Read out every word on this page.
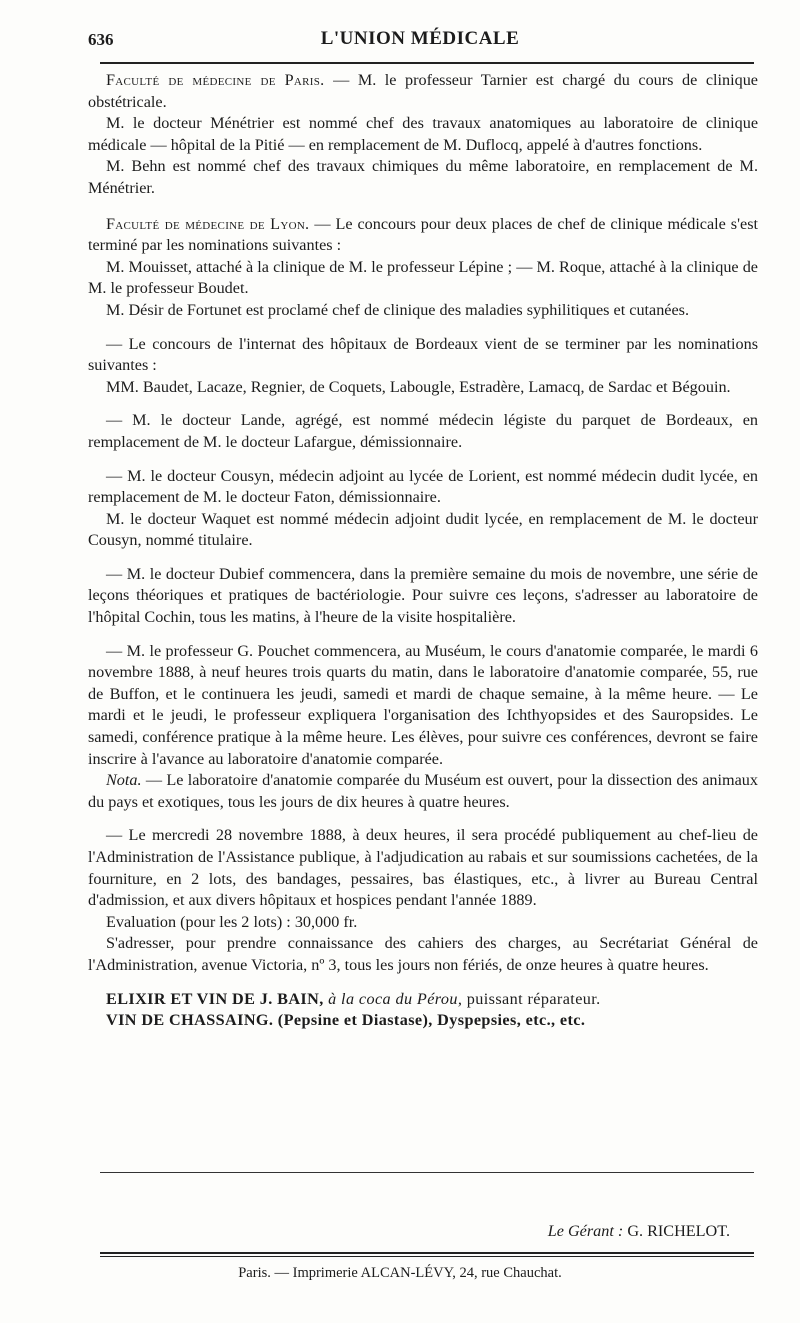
636	L'UNION MÉDICALE

Faculté de médecine de Paris. — M. le professeur Tarnier est chargé du cours de clinique obstétricale.

M. le docteur Ménétrier est nommé chef des travaux anatomiques au laboratoire de clinique médicale — hôpital de la Pitié — en remplacement de M. Duflocq, appelé à d'autres fonctions.

M. Behn est nommé chef des travaux chimiques du même laboratoire, en remplacement de M. Ménétrier.

Faculté de médecine de Lyon. — Le concours pour deux places de chef de clinique médicale s'est terminé par les nominations suivantes :

M. Mouisset, attaché à la clinique de M. le professeur Lépine ; — M. Roque, attaché à la clinique de M. le professeur Boudet.

M. Désir de Fortunet est proclamé chef de clinique des maladies syphilitiques et cutanées.

— Le concours de l'internat des hôpitaux de Bordeaux vient de se terminer par les nominations suivantes :

MM. Baudet, Lacaze, Regnier, de Coquets, Labougle, Estradère, Lamacq, de Sardac et Bégouin.

— M. le docteur Lande, agrégé, est nommé médecin légiste du parquet de Bordeaux, en remplacement de M. le docteur Lafargue, démissionnaire.

— M. le docteur Cousyn, médecin adjoint au lycée de Lorient, est nommé médecin dudit lycée, en remplacement de M. le docteur Faton, démissionnaire.

M. le docteur Waquet est nommé médecin adjoint dudit lycée, en remplacement de M. le docteur Cousyn, nommé titulaire.

— M. le docteur Dubief commencera, dans la première semaine du mois de novembre, une série de leçons théoriques et pratiques de bactériologie. Pour suivre ces leçons, s'adresser au laboratoire de l'hôpital Cochin, tous les matins, à l'heure de la visite hospitalière.

— M. le professeur G. Pouchet commencera, au Muséum, le cours d'anatomie comparée, le mardi 6 novembre 1888, à neuf heures trois quarts du matin, dans le laboratoire d'anatomie comparée, 55, rue de Buffon, et le continuera les jeudi, samedi et mardi de chaque semaine, à la même heure. — Le mardi et le jeudi, le professeur expliquera l'organisation des Ichthyopsides et des Sauropsides. Le samedi, conférence pratique à la même heure. Les élèves, pour suivre ces conférences, devront se faire inscrire à l'avance au laboratoire d'anatomie comparée.

Nota. — Le laboratoire d'anatomie comparée du Muséum est ouvert, pour la dissection des animaux du pays et exotiques, tous les jours de dix heures à quatre heures.

— Le mercredi 28 novembre 1888, à deux heures, il sera procédé publiquement au chef-lieu de l'Administration de l'Assistance publique, à l'adjudication au rabais et sur soumissions cachetées, de la fourniture, en 2 lots, des bandages, pessaires, bas élastiques, etc., à livrer au Bureau Central d'admission, et aux divers hôpitaux et hospices pendant l'année 1889.

Evaluation (pour les 2 lots) : 30,000 fr.

S'adresser, pour prendre connaissance des cahiers des charges, au Secrétariat Général de l'Administration, avenue Victoria, nº 3, tous les jours non fériés, de onze heures à quatre heures.

ELIXIR ET VIN DE J. BAIN, à la coca du Pérou, puissant réparateur.

VIN DE CHASSAING. (Pepsine et Diastase), Dyspepsies, etc., etc.

Le Gérant : G. RICHELOT.
Paris. — Imprimerie ALCAN-LÉVY, 24, rue Chauchat.
